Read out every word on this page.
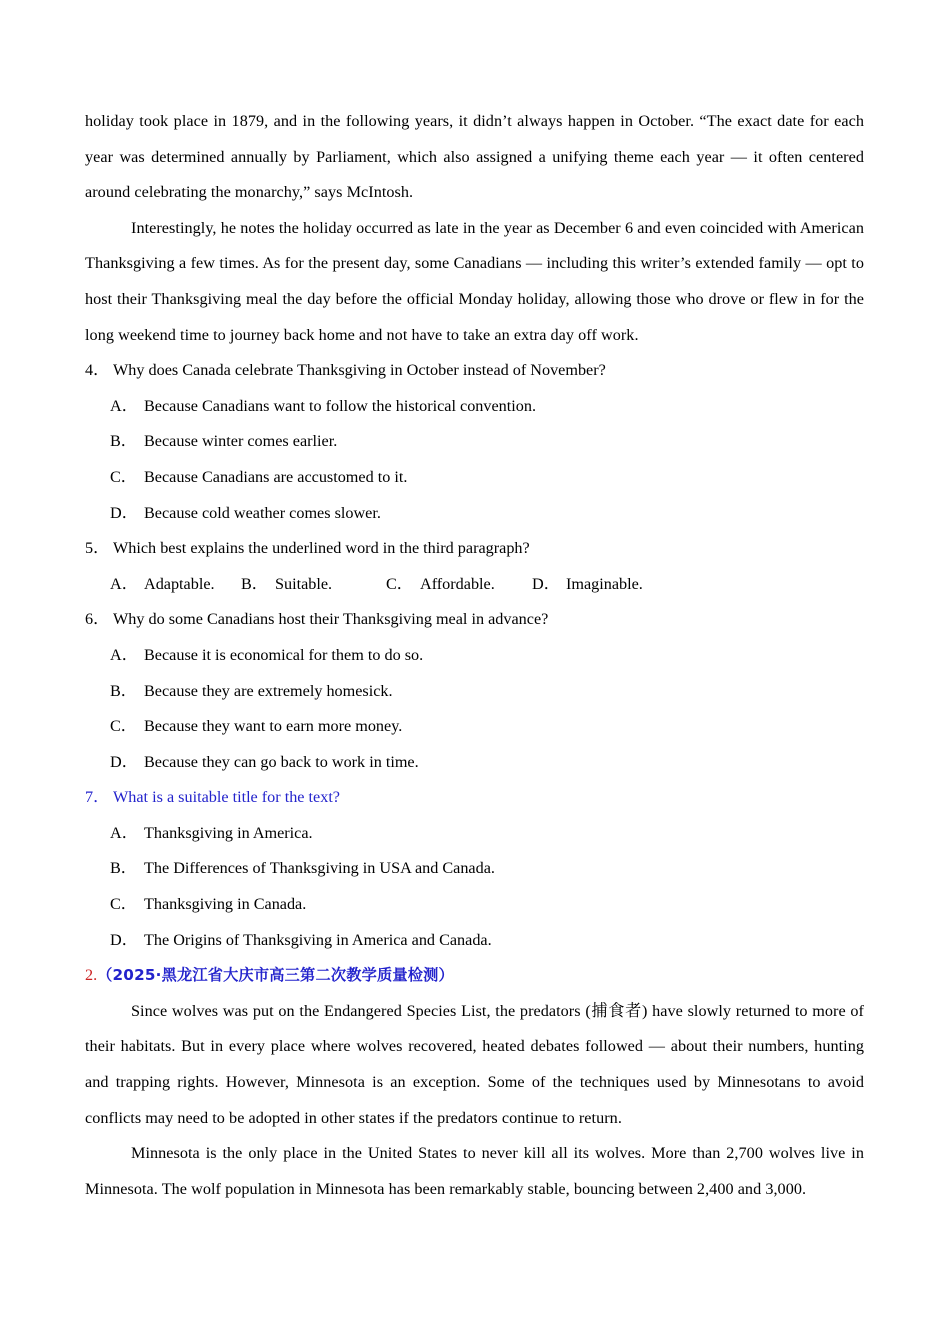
holiday took place in 1879, and in the following years, it didn’t always happen in October. “The exact date for each year was determined annually by Parliament, which also assigned a unifying theme each year — it often centered around celebrating the monarchy,” says McIntosh.

Interestingly, he notes the holiday occurred as late in the year as December 6 and even coincided with American Thanksgiving a few times. As for the present day, some Canadians — including this writer’s extended family — opt to host their Thanksgiving meal the day before the official Monday holiday, allowing those who drove or flew in for the long weekend time to journey back home and not have to take an extra day off work.

4． Why does Canada celebrate Thanksgiving in October instead of November?

A． Because Canadians want to follow the historical convention.

B． Because winter comes earlier.

C． Because Canadians are accustomed to it.

D． Because cold weather comes slower.

5． Which best explains the underlined word in the third paragraph?

A． Adaptable. B． Suitable.	C． Affordable. D． Imaginable.

6． Why do some Canadians host their Thanksgiving meal in advance?

A． Because it is economical for them to do so.

B． Because they are extremely homesick.

C． Because they want to earn more money.

D． Because they can go back to work in time.

7． What is a suitable title for the text?

A． Thanksgiving in America.

B． The Differences of Thanksgiving in USA and Canada.

C． Thanksgiving in Canada.

D． The Origins of Thanksgiving in America and Canada.

2.（2025·黑龙江省大庆市高三第二次教学质量检测）

Since wolves was put on the Endangered Species List, the predators (捕食者) have slowly returned to more of their habitats. But in every place where wolves recovered, heated debates followed — about their numbers, hunting and trapping rights. However, Minnesota is an exception. Some of the techniques used by Minnesotans to avoid conflicts may need to be adopted in other states if the predators continue to return.

Minnesota is the only place in the United States to never kill all its wolves. More than 2,700 wolves live in Minnesota. The wolf population in Minnesota has been remarkably stable, bouncing between 2,400 and 3,000.
